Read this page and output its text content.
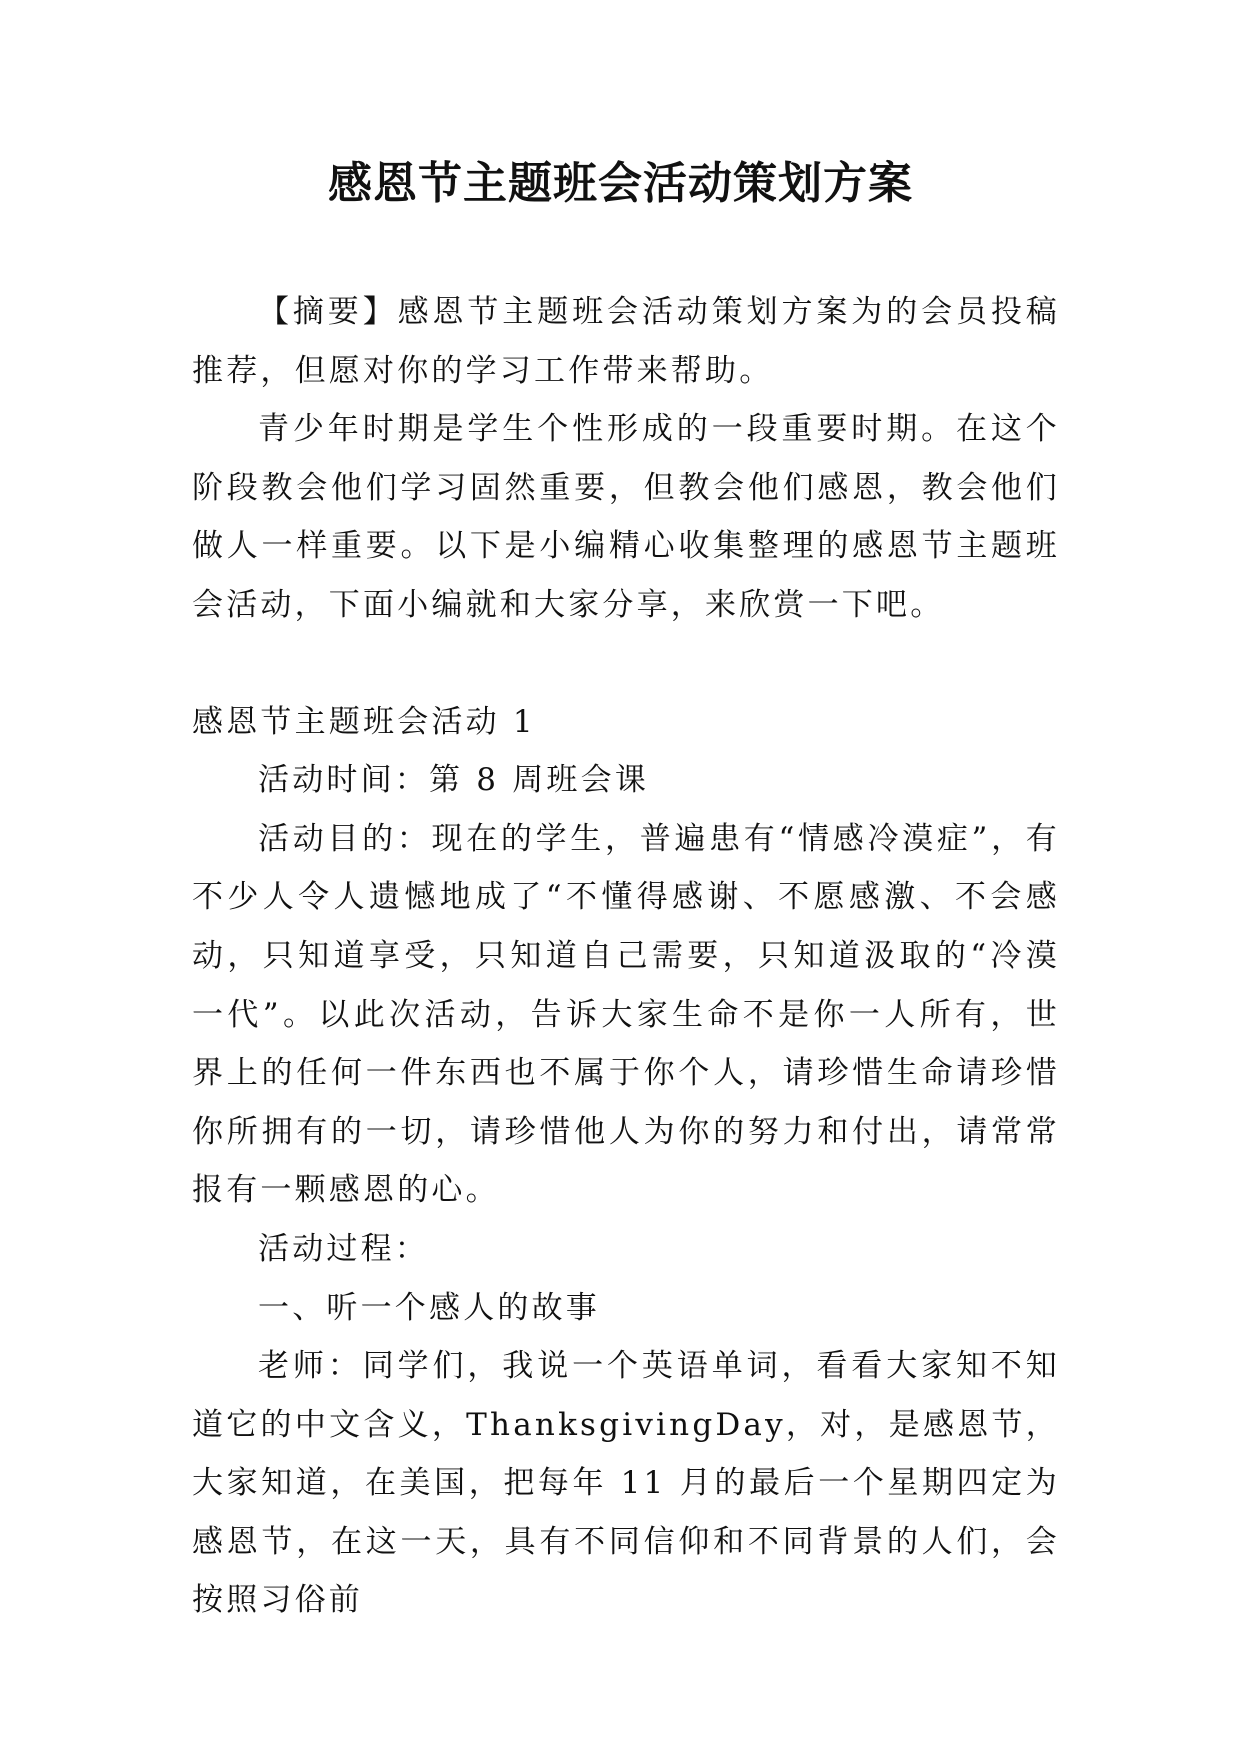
感恩节主题班会活动策划方案

【摘要】感恩节主题班会活动策划方案为的会员投稿推荐，但愿对你的学习工作带来帮助。

青少年时期是学生个性形成的一段重要时期。在这个阶段教会他们学习固然重要，但教会他们感恩，教会他们做人一样重要。以下是小编精心收集整理的感恩节主题班会活动，下面小编就和大家分享，来欣赏一下吧。

感恩节主题班会活动 1

活动时间：第 8 周班会课

活动目的：现在的学生，普遍患有“情感冷漠症”，有不少人令人遗憾地成了“不懂得感谢、不愿感激、不会感动，只知道享受，只知道自己需要，只知道汲取的“冷漠一代”。以此次活动，告诉大家生命不是你一人所有，世界上的任何一件东西也不属于你个人，请珍惜生命请珍惜你所拥有的一切，请珍惜他人为你的努力和付出，请常常报有一颗感恩的心。

活动过程：

一、听一个感人的故事

老师：同学们，我说一个英语单词，看看大家知不知道它的中文含义，ThanksgivingDay，对，是感恩节，大家知道，在美国，把每年 11 月的最后一个星期四定为感恩节，在这一天，具有不同信仰和不同背景的人们，会按照习俗前
